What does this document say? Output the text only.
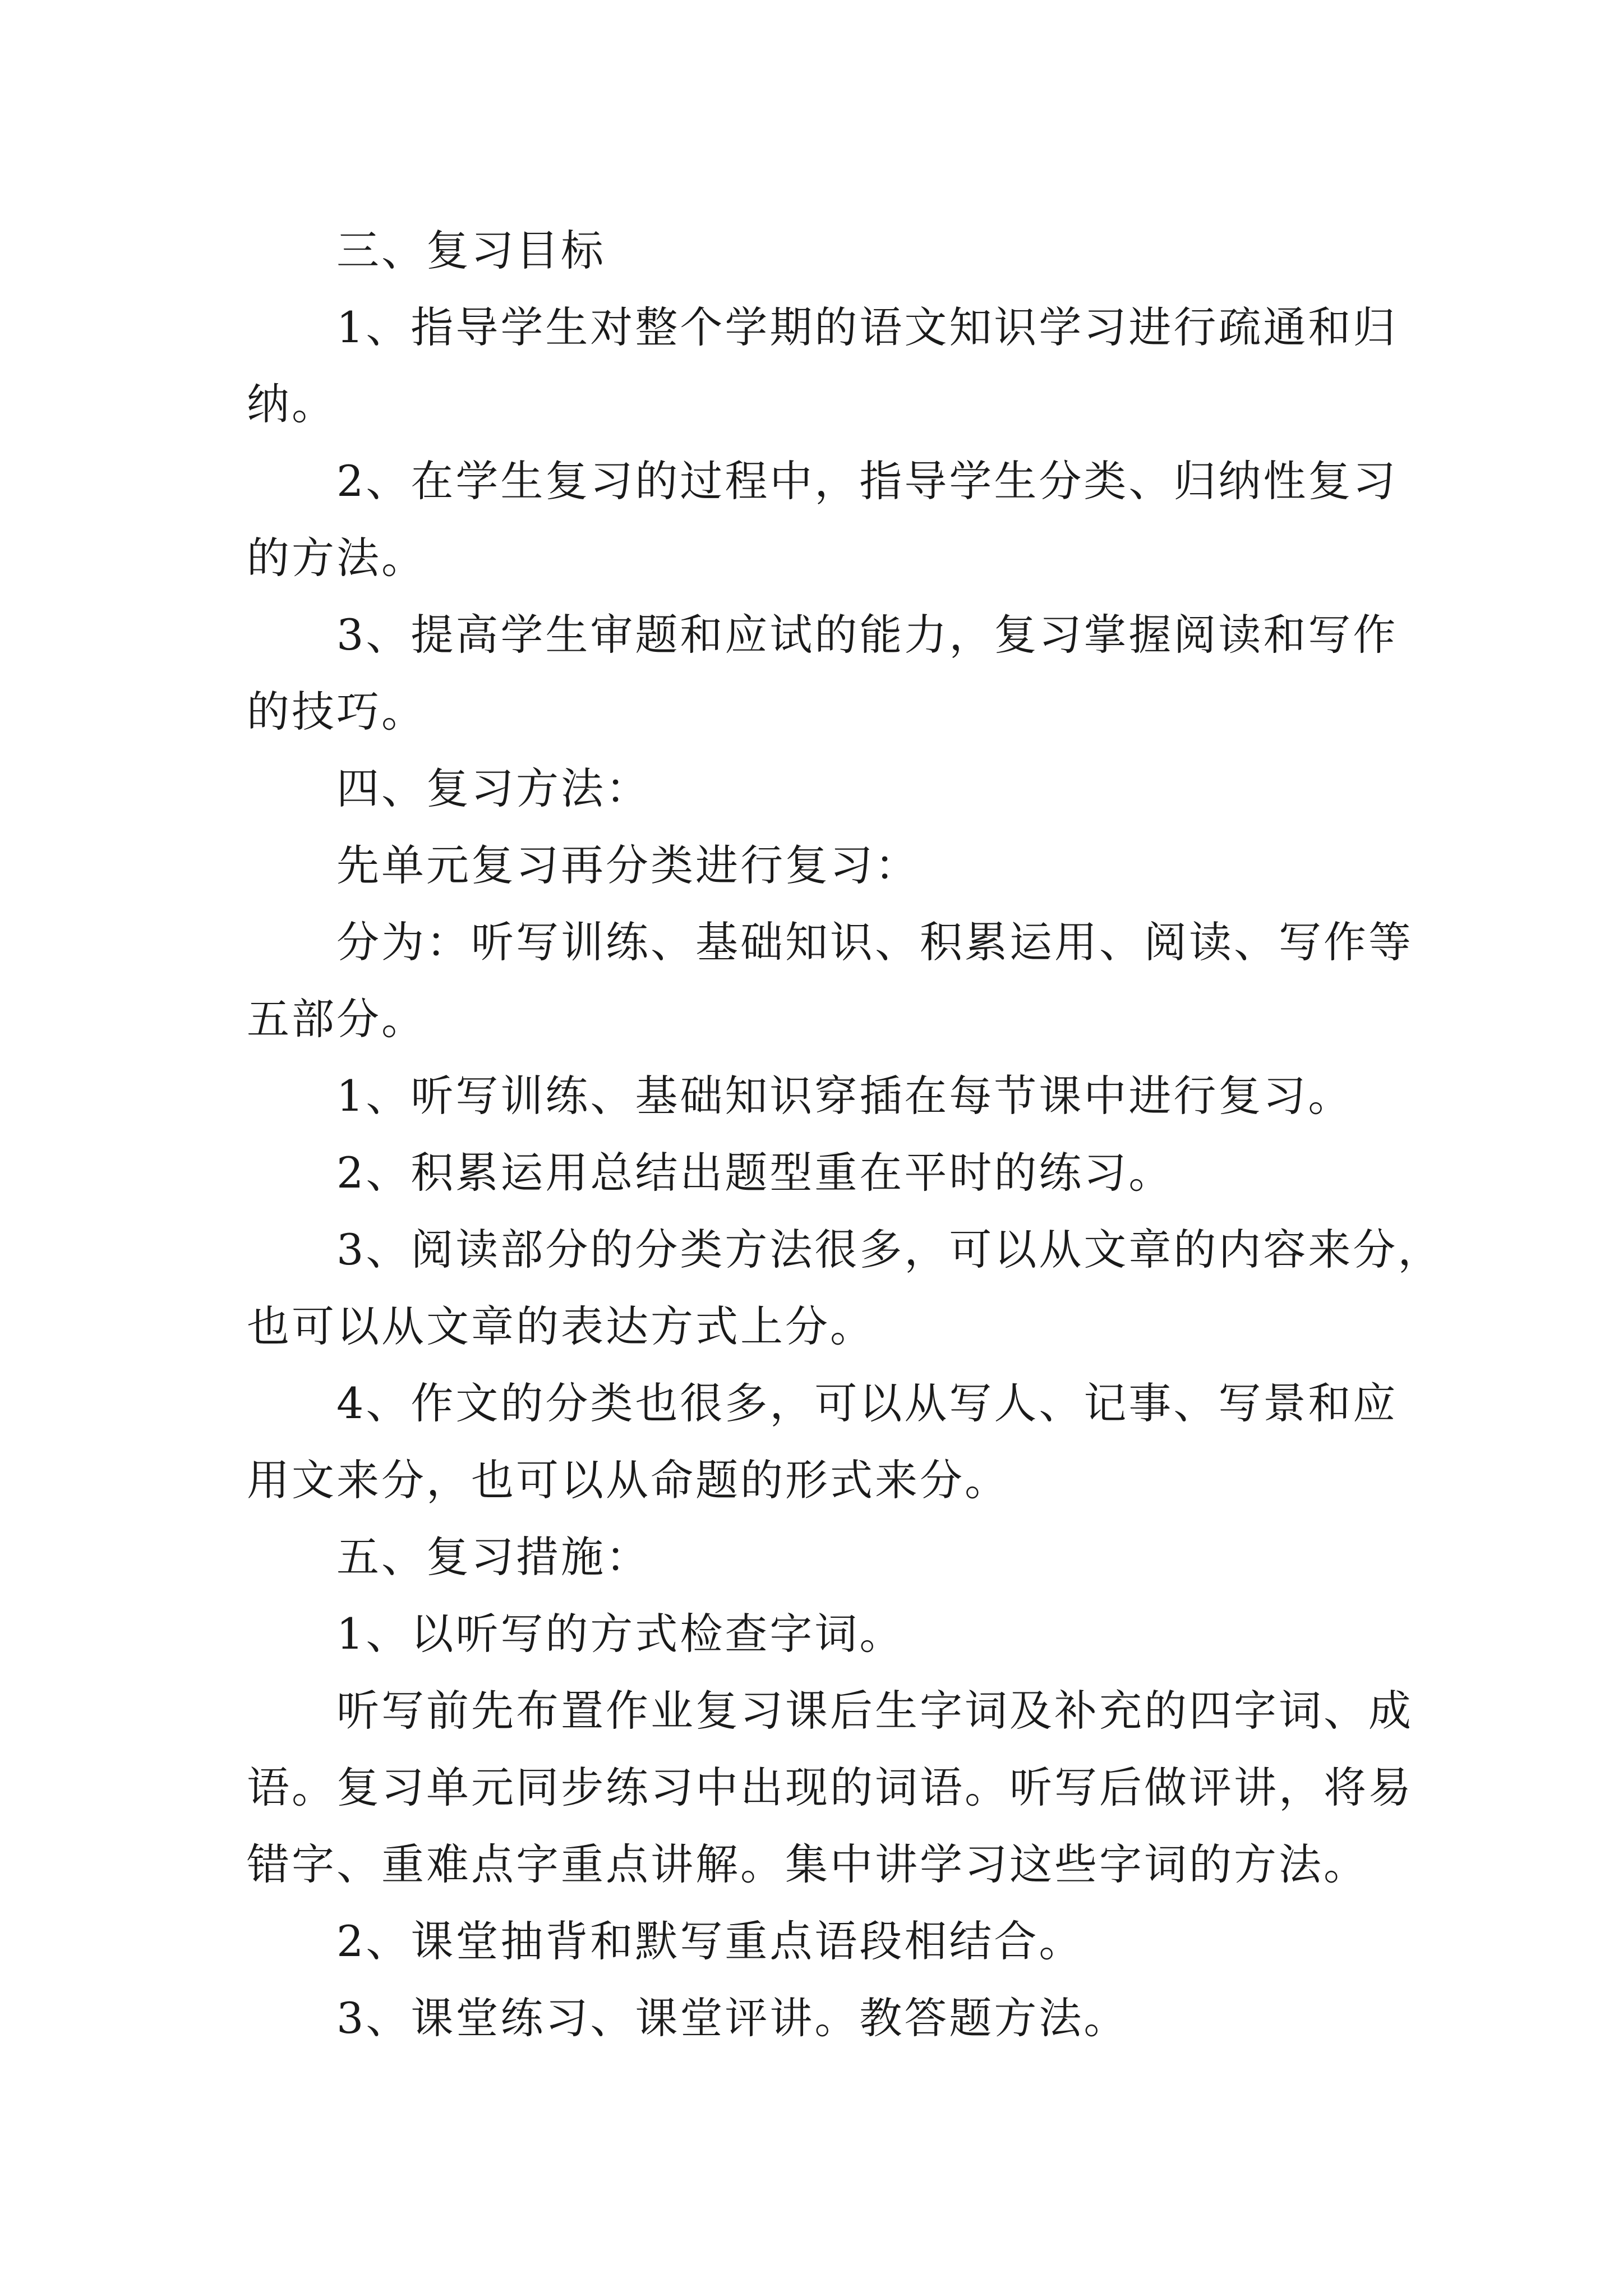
三、复习目标
1、指导学生对整个学期的语文知识学习进行疏通和归
纳。
2、在学生复习的过程中，指导学生分类、归纳性复习
的方法。
3、提高学生审题和应试的能力，复习掌握阅读和写作
的技巧。
四、复习方法：
先单元复习再分类进行复习：
分为：听写训练、基础知识、积累运用、阅读、写作等
五部分。
1、听写训练、基础知识穿插在每节课中进行复习。
2、积累运用总结出题型重在平时的练习。
3、阅读部分的分类方法很多，可以从文章的内容来分，
也可以从文章的表达方式上分。
4、作文的分类也很多，可以从写人、记事、写景和应
用文来分，也可以从命题的形式来分。
五、复习措施：
1、以听写的方式检查字词。
听写前先布置作业复习课后生字词及补充的四字词、成
语。复习单元同步练习中出现的词语。听写后做评讲，将易
错字、重难点字重点讲解。集中讲学习这些字词的方法。
2、课堂抽背和默写重点语段相结合。
3、课堂练习、课堂评讲。教答题方法。
